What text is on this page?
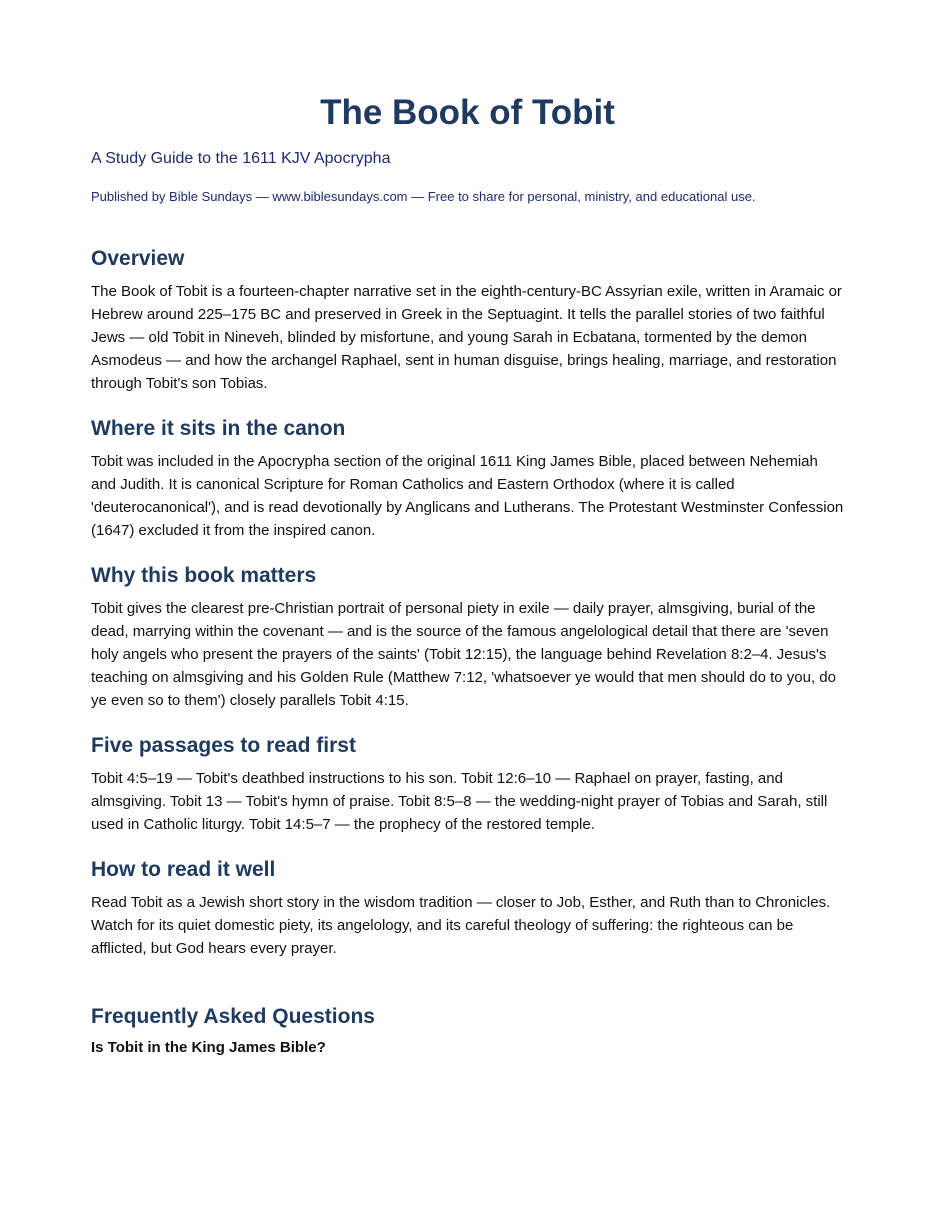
The Book of Tobit

A Study Guide to the 1611 KJV Apocrypha

Published by Bible Sundays — www.biblesundays.com — Free to share for personal, ministry, and educational use.

Overview

The Book of Tobit is a fourteen-chapter narrative set in the eighth-century-BC Assyrian exile, written in Aramaic or Hebrew around 225–175 BC and preserved in Greek in the Septuagint. It tells the parallel stories of two faithful Jews — old Tobit in Nineveh, blinded by misfortune, and young Sarah in Ecbatana, tormented by the demon Asmodeus — and how the archangel Raphael, sent in human disguise, brings healing, marriage, and restoration through Tobit's son Tobias.

Where it sits in the canon

Tobit was included in the Apocrypha section of the original 1611 King James Bible, placed between Nehemiah and Judith. It is canonical Scripture for Roman Catholics and Eastern Orthodox (where it is called 'deuterocanonical'), and is read devotionally by Anglicans and Lutherans. The Protestant Westminster Confession (1647) excluded it from the inspired canon.

Why this book matters

Tobit gives the clearest pre-Christian portrait of personal piety in exile — daily prayer, almsgiving, burial of the dead, marrying within the covenant — and is the source of the famous angelological detail that there are 'seven holy angels who present the prayers of the saints' (Tobit 12:15), the language behind Revelation 8:2–4. Jesus's teaching on almsgiving and his Golden Rule (Matthew 7:12, 'whatsoever ye would that men should do to you, do ye even so to them') closely parallels Tobit 4:15.

Five passages to read first

Tobit 4:5–19 — Tobit's deathbed instructions to his son. Tobit 12:6–10 — Raphael on prayer, fasting, and almsgiving. Tobit 13 — Tobit's hymn of praise. Tobit 8:5–8 — the wedding-night prayer of Tobias and Sarah, still used in Catholic liturgy. Tobit 14:5–7 — the prophecy of the restored temple.

How to read it well

Read Tobit as a Jewish short story in the wisdom tradition — closer to Job, Esther, and Ruth than to Chronicles. Watch for its quiet domestic piety, its angelology, and its careful theology of suffering: the righteous can be afflicted, but God hears every prayer.

Frequently Asked Questions

Is Tobit in the King James Bible?
